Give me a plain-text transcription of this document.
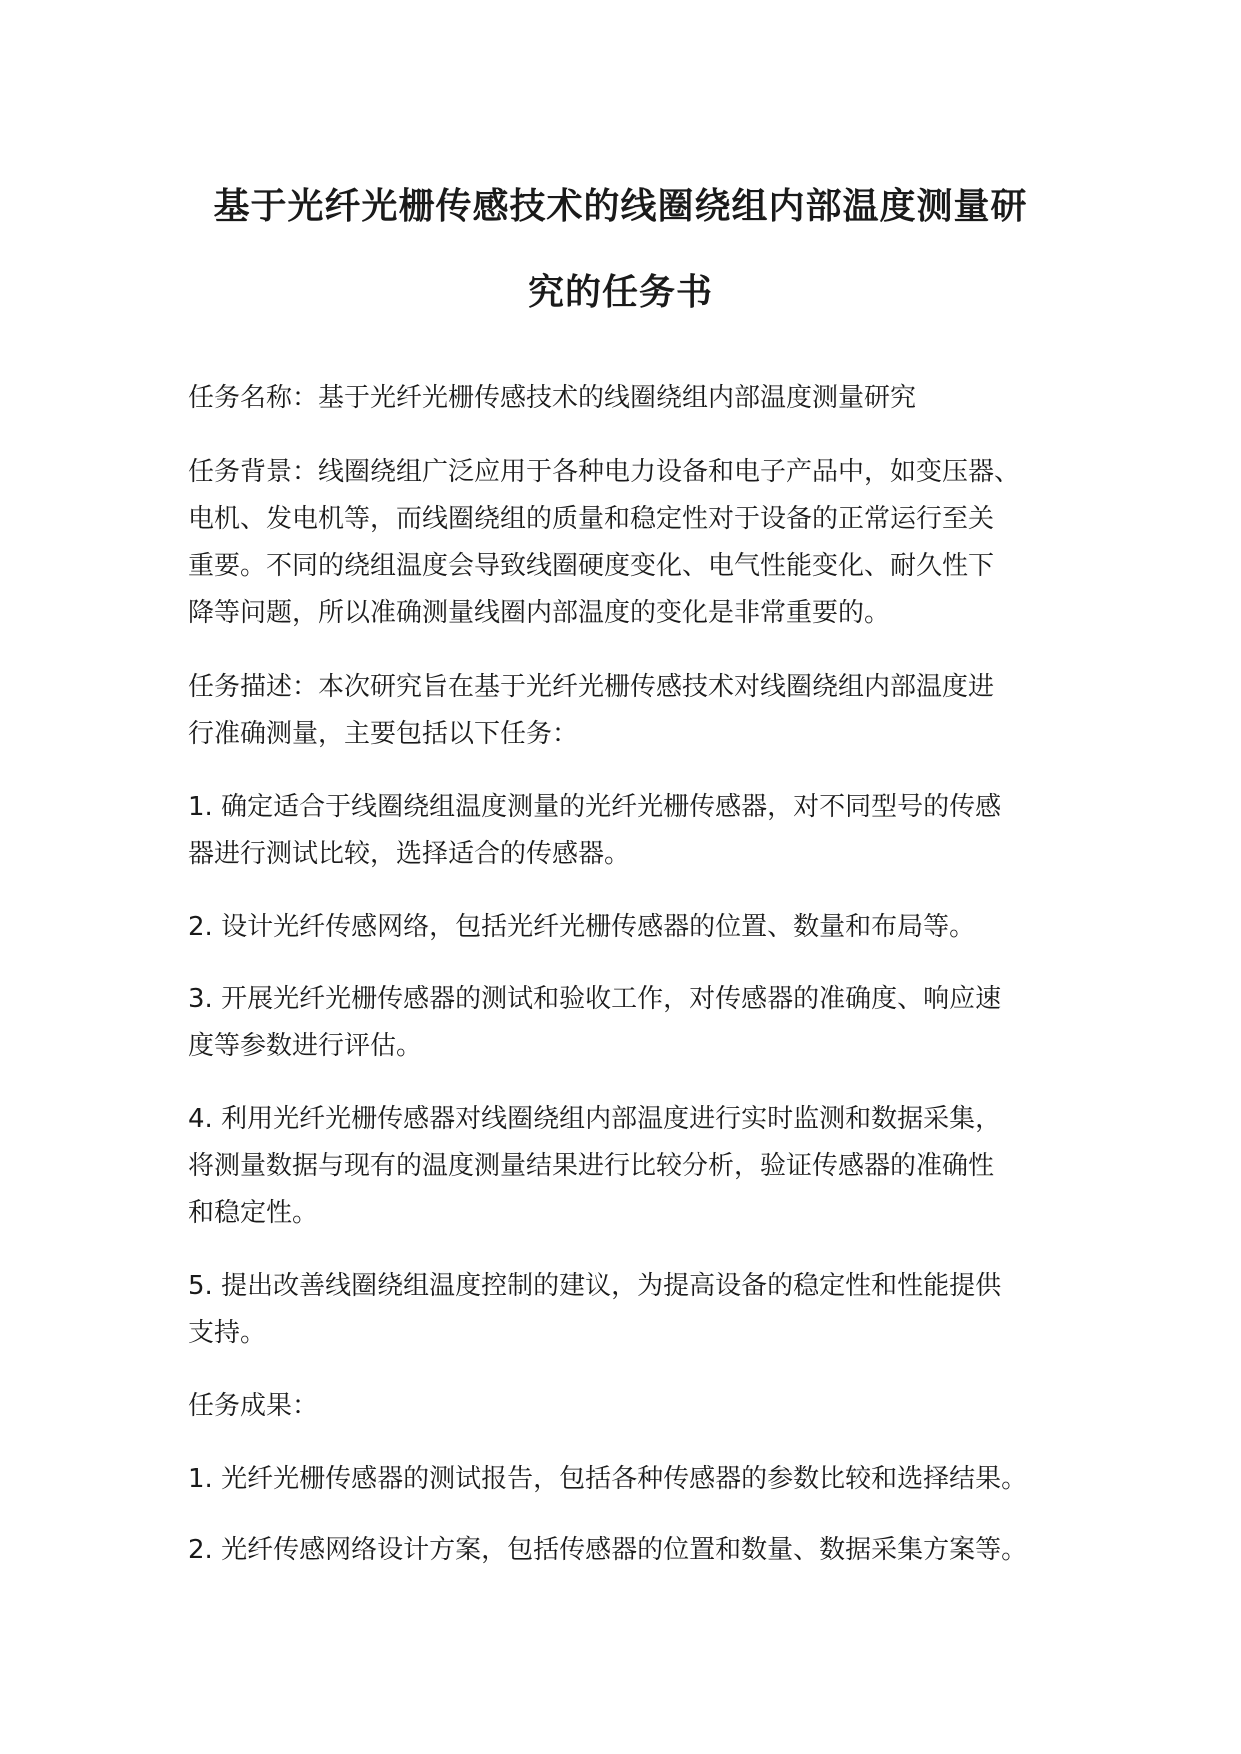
基于光纤光栅传感技术的线圈绕组内部温度测量研
究的任务书

任务名称：基于光纤光栅传感技术的线圈绕组内部温度测量研究

任务背景：线圈绕组广泛应用于各种电力设备和电子产品中，如变压器、
电机、发电机等，而线圈绕组的质量和稳定性对于设备的正常运行至关
重要。不同的绕组温度会导致线圈硬度变化、电气性能变化、耐久性下
降等问题，所以准确测量线圈内部温度的变化是非常重要的。

任务描述：本次研究旨在基于光纤光栅传感技术对线圈绕组内部温度进
行准确测量，主要包括以下任务：

1. 确定适合于线圈绕组温度测量的光纤光栅传感器，对不同型号的传感
器进行测试比较，选择适合的传感器。

2. 设计光纤传感网络，包括光纤光栅传感器的位置、数量和布局等。

3. 开展光纤光栅传感器的测试和验收工作，对传感器的准确度、响应速
度等参数进行评估。

4. 利用光纤光栅传感器对线圈绕组内部温度进行实时监测和数据采集，
将测量数据与现有的温度测量结果进行比较分析，验证传感器的准确性
和稳定性。

5. 提出改善线圈绕组温度控制的建议，为提高设备的稳定性和性能提供
支持。

任务成果：

1. 光纤光栅传感器的测试报告，包括各种传感器的参数比较和选择结果。

2. 光纤传感网络设计方案，包括传感器的位置和数量、数据采集方案等。
